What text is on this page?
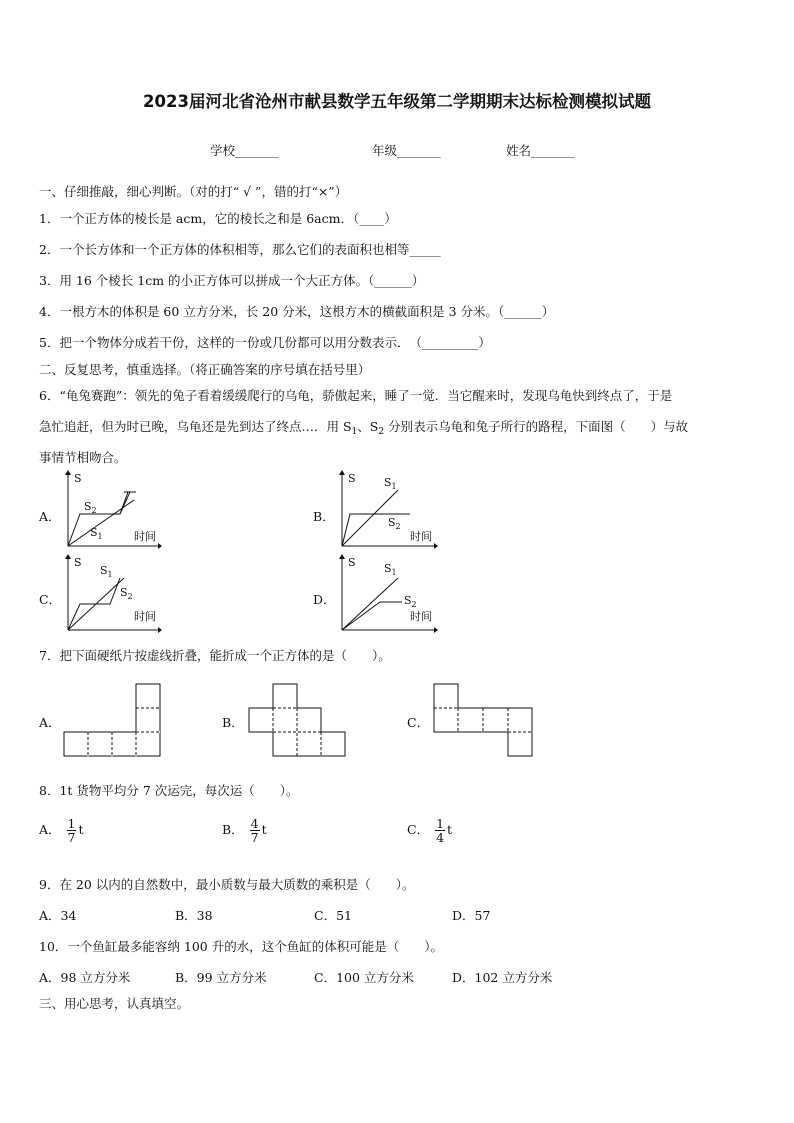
2023届河北省沧州市献县数学五年级第二学期期末达标检测模拟试题
学校_______	年级_______	姓名_______
一、仔细推敲，细心判断。（对的打“ √ ”，错的打“×”）
1．一个正方体的棱长是 acm，它的棱长之和是 6acm．（____）
2．一个长方体和一个正方体的体积相等，那么它们的表面积也相等_____
3．用 16 个棱长 1cm 的小正方体可以拼成一个大正方体。（______）
4．一根方木的体积是 60 立方分米，长 20 分米，这根方木的横截面积是 3 分米。（______）
5．把一个物体分成若干份，这样的一份或几份都可以用分数表示．　（_________）
二、反复思考，慎重选择。（将正确答案的序号填在括号里）
6．“龟兔赛跑”：领先的兔子看着缓缓爬行的乌龟，骄傲起来，睡了一觉．当它醒来时，发现乌龟快到终点了，于是
急忙追赶，但为时已晚，乌龟还是先到达了终点…．用 $S_1$、$S_2$ 分别表示乌龟和兔子所行的路程，下面图（　　）与故
事情节相吻合。
A．	B．
C．	D．
S
$S_2$
$S_1$	时间
S	$S_1$
$S_2$
时间
S
$S_1$
$S_2$
时间
S	$S_1$
$S_2$
时间
7．把下面硬纸片按虚线折叠，能折成一个正方体的是（　　）。
A．	B．	C．
8．1t 货物平均分 7 次运完，每次运（　　）。
A． $\frac{1}{7}$ t	B． $\frac{4}{7}$ t	C． $\frac{1}{4}$ t
9．在 20 以内的自然数中，最小质数与最大质数的乘积是（　　）。
A．34	B．38	C．51	D．57
10．一个鱼缸最多能容纳 100 升的水，这个鱼缸的体积可能是（　　）。
A．98 立方分米	B．99 立方分米	C．100 立方分米	D．102 立方分米
三、用心思考，认真填空。
